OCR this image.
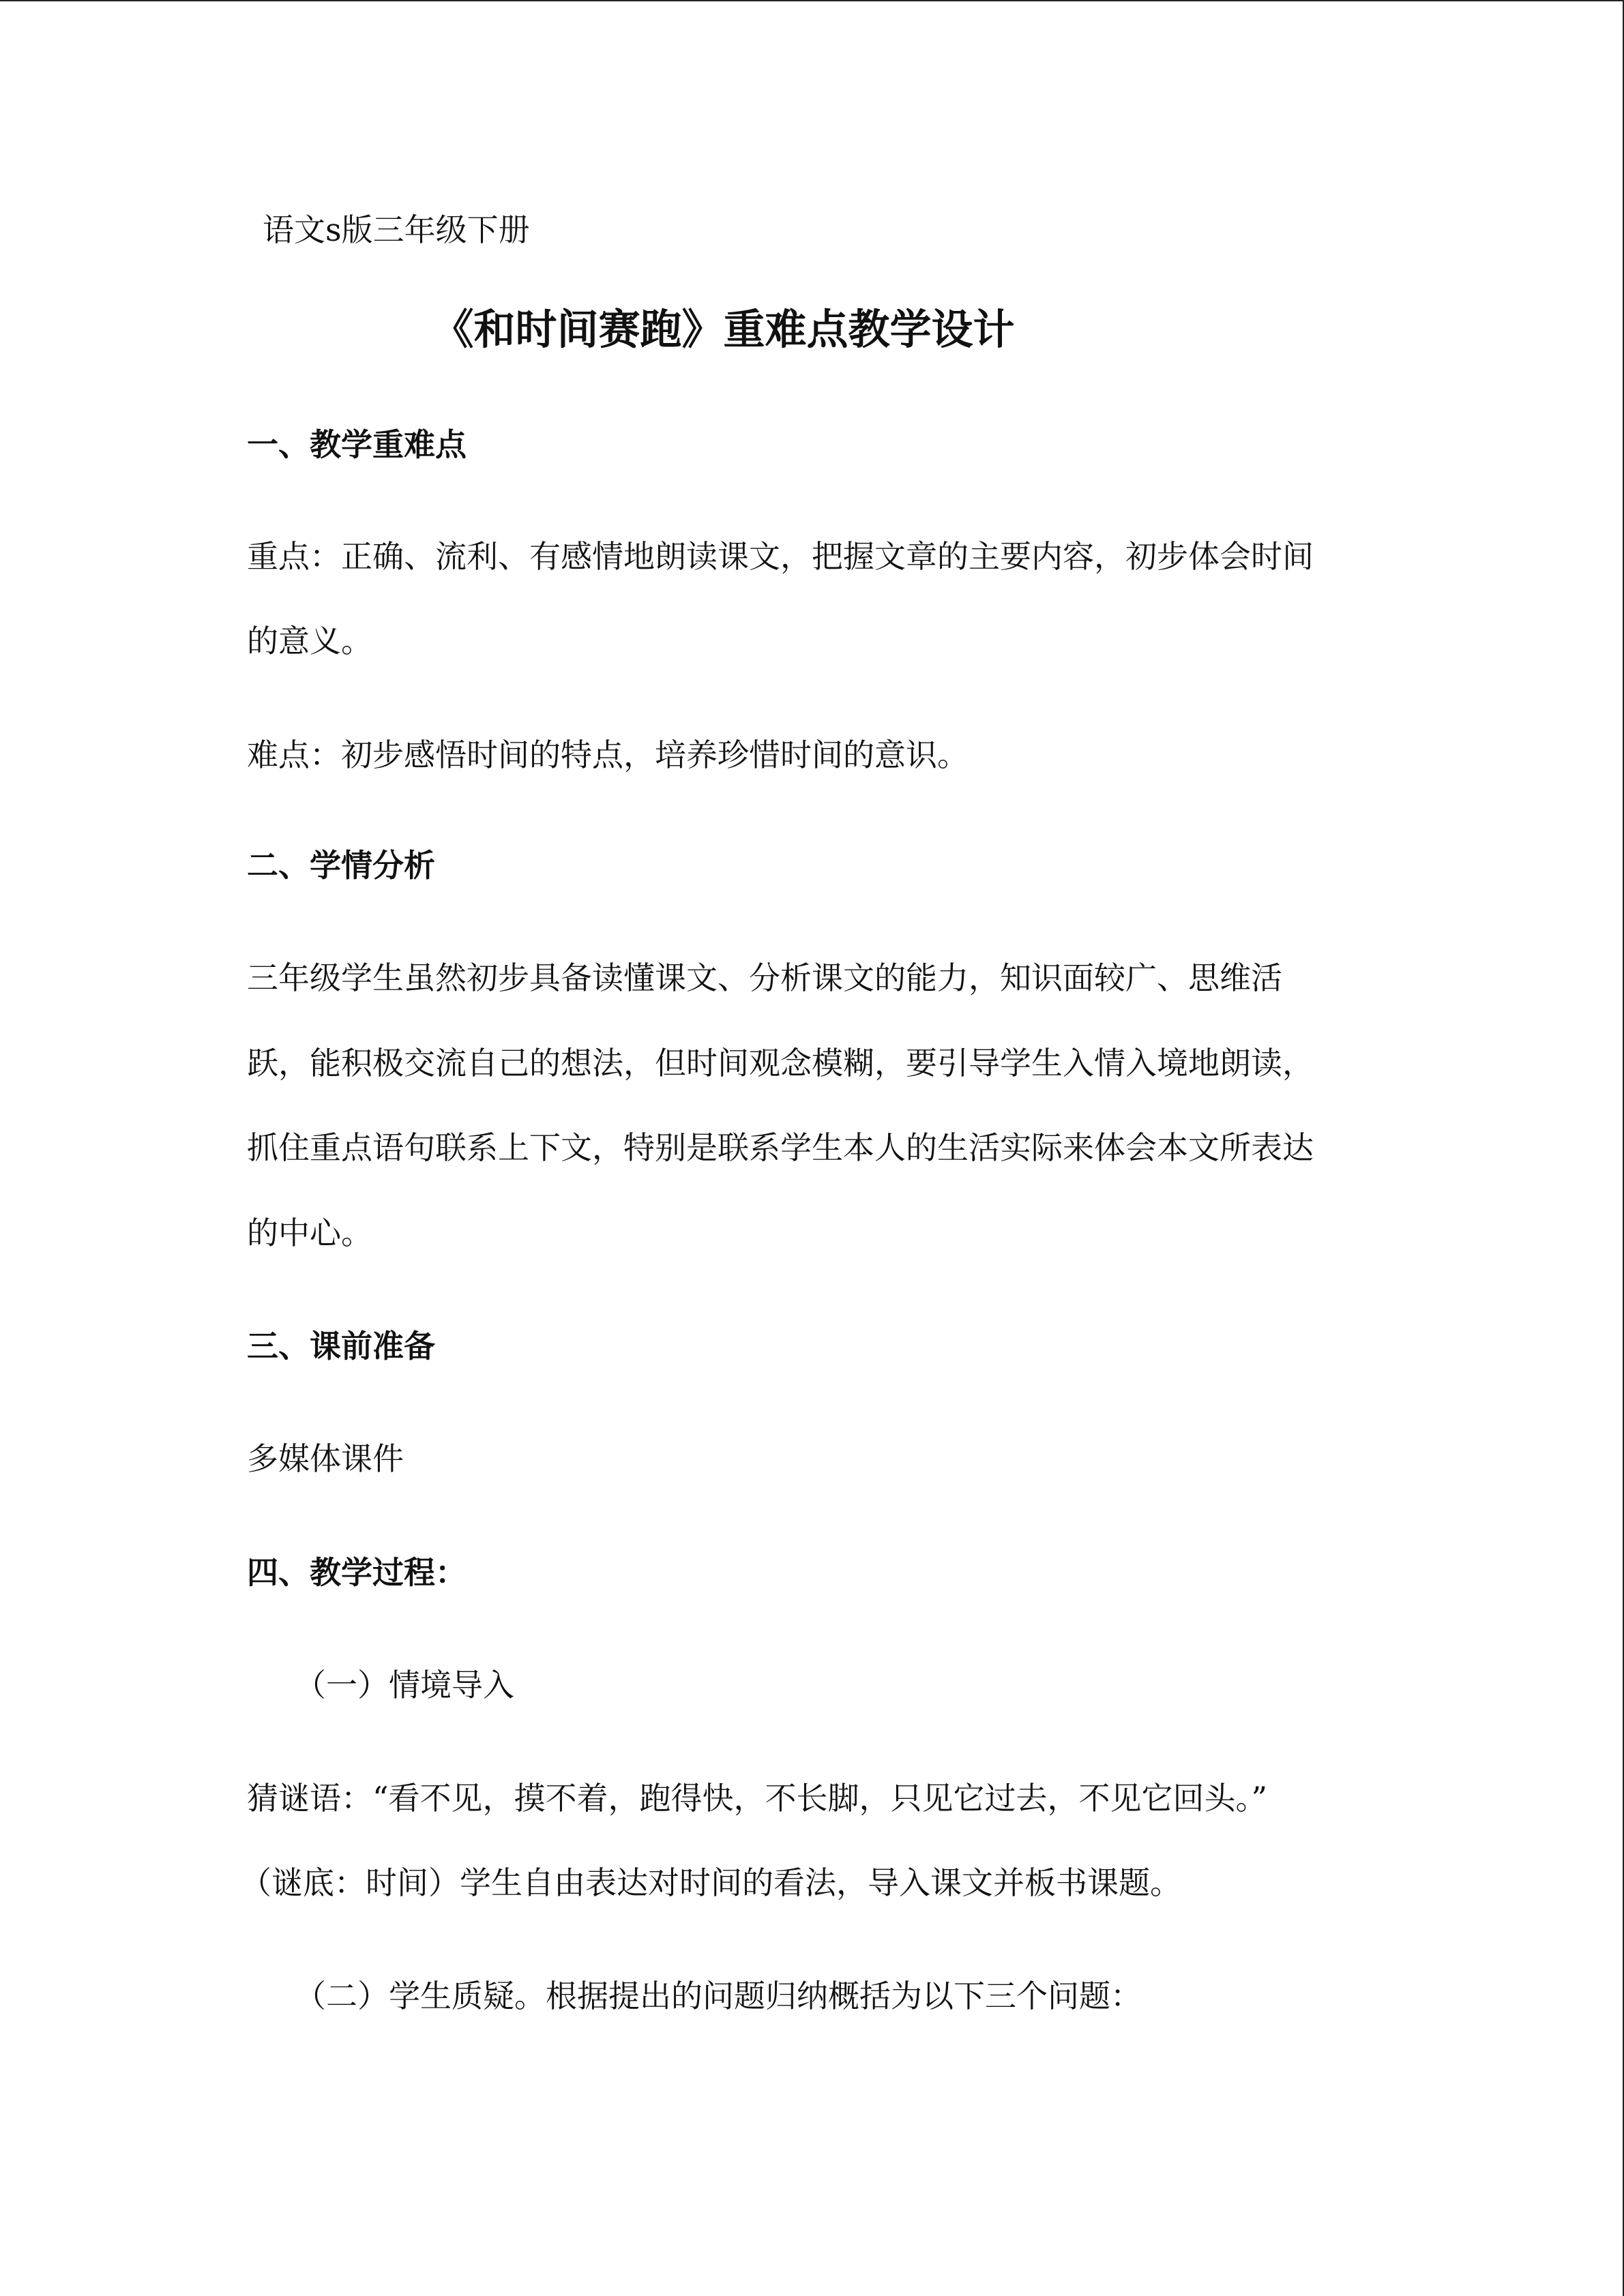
语文s版三年级下册
《和时间赛跑》重难点教学设计
一、教学重难点
重点：正确、流利、有感情地朗读课文，把握文章的主要内容，初步体会时间
的意义。
难点：初步感悟时间的特点，培养珍惜时间的意识。
二、学情分析
三年级学生虽然初步具备读懂课文、分析课文的能力，知识面较广、思维活
跃，能积极交流自己的想法，但时间观念模糊，要引导学生入情入境地朗读，
抓住重点语句联系上下文，特别是联系学生本人的生活实际来体会本文所表达
的中心。
三、课前准备
多媒体课件
四、教学过程：
（一）情境导入
猜谜语：“看不见，摸不着，跑得快，不长脚，只见它过去，不见它回头。”
（谜底：时间）学生自由表达对时间的看法，导入课文并板书课题。
（二）学生质疑。根据提出的问题归纳概括为以下三个问题：
